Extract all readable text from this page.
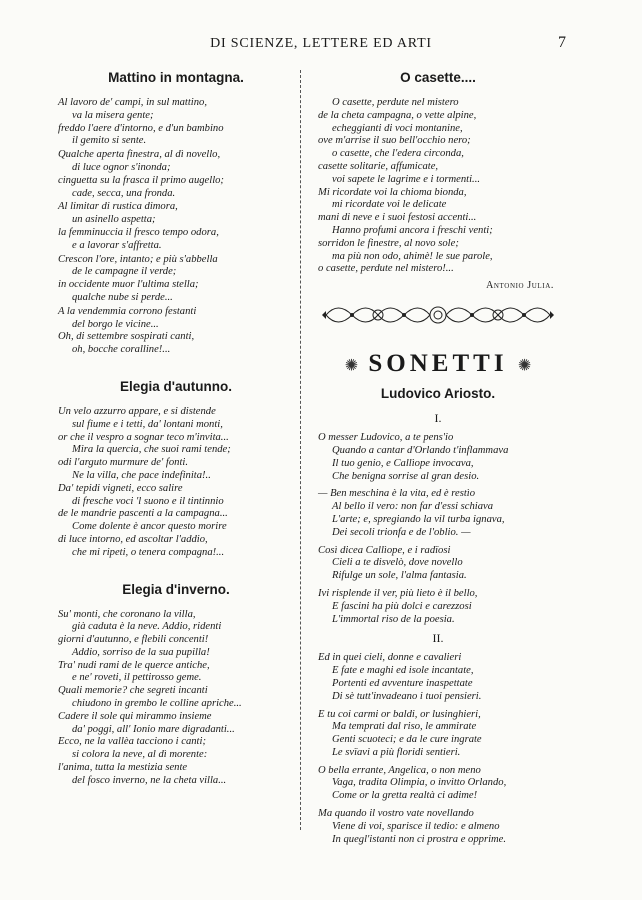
DI SCIENZE, LETTERE ED ARTI	7
Mattino in montagna.
Al lavoro de' campi, in sul mattino,
va la misera gente;
freddo l'aere d'intorno, e d'un bambino
il gemito si sente.
Qualche aperta finestra, al dì novello,
di luce ognor s'inonda;
cinguetta su la frasca il primo augello;
cade, secca, una fronda.
Al limitar di rustica dimora,
un asinello aspetta;
la femminuccia il fresco tempo odora,
e a lavorar s'affretta.
Crescon l'ore, intanto; e più s'abbella
de le campagne il verde;
in occidente muor l'ultima stella;
qualche nube si perde...
A la vendemmia corrono festanti
del borgo le vicine...
Oh, di settembre sospirati canti,
oh, bocche coralline!...
Elegia d'autunno.
Un velo azzurro appare, e si distende
sul fiume e i tetti, da' lontani monti,
or che il vespro a sognar teco m'invita...
Mira la quercia, che suoi rami tende;
odi l'arguto murmure de' fonti.
Ne la villa, che pace indefinita!..
Da' tepidi vigneti, ecco salire
di fresche voci 'l suono e il tintinnio
de le mandrie pascenti a la campagna...
Come dolente è ancor questo morire
di luce intorno, ed ascoltar l'addio,
che mi ripeti, o tenera compagna!...
Elegia d'inverno.
Su' monti, che coronano la villa,
già caduta è la neve. Addio, ridenti
giorni d'autunno, e flebili concenti!
Addio, sorriso de la sua pupilla!
Tra' nudi rami de le querce antiche,
e ne' roveti, il pettirosso geme.
Quali memorie? che segreti incanti
chiudono in grembo le colline apriche...
Cadere il sole qui mirammo insieme
da' poggi, all' Ionio mare digradanti...
Ecco, ne la vallèa tacciono i canti;
si colora la neve, al dì morente:
l'anima, tutta la mestizia sente
del fosco inverno, ne la cheta villa...
O casette....
O casette, perdute nel mistero
de la cheta campagna, o vette alpine,
echeggianti di voci montanine,
ove m'arrise il suo bell'occhio nero;
o casette, che l'edera circonda,
casette solitarie, affumicate,
voi sapete le lagrime e i tormenti...
Mi ricordate voi la chioma bionda,
mi ricordate voi le delicate
mani di neve e i suoi festosi accenti...
Hanno profumi ancora i freschi venti;
sorridon le finestre, al novo sole;
ma più non odo, ahimè! le sue parole,
o casette, perdute nel mistero!...
Antonio Julia.
✺ SONETTI ✺
Ludovico Ariosto.
I.
O messer Ludovico, a te pens'io
Quando a cantar d'Orlando t'inflammava
Il tuo genio, e Callìope invocava,
Che benigna sorrise al gran desio.
— Ben meschina è la vita, ed è restìo
Al bello il vero: non far d'essi schiava
L'arte; e, spregiando la vil turba ignava,
Dei secoli trionfa e de l'oblio. —
Così dicea Callìope, e i radïosi
Cieli a te disvelò, dove novello
Rifulge un sole, l'alma fantasia.
Ivi risplende il ver, più lieto è il bello,
E fascini ha più dolci e carezzosi
L'immortal riso de la poesia.
II.
Ed in quei cieli, donne e cavalieri
E fate e maghi ed isole incantate,
Portenti ed avventure inaspettate
Di sè tutt'invadeano i tuoi pensieri.
E tu coi carmi or baldi, or lusinghieri,
Ma temprati dal riso, le ammirate
Genti scuoteci; e da le cure ingrate
Le svïavi a più floridi sentieri.
O bella errante, Angelica, o non meno
Vaga, tradita Olimpia, o invitto Orlando,
Come or la gretta realtà ci adime!
Ma quando il vostro vate novellando
Viene di voi, sparisce il tedio: e almeno
In quegl'istanti non ci prostra e opprime.
